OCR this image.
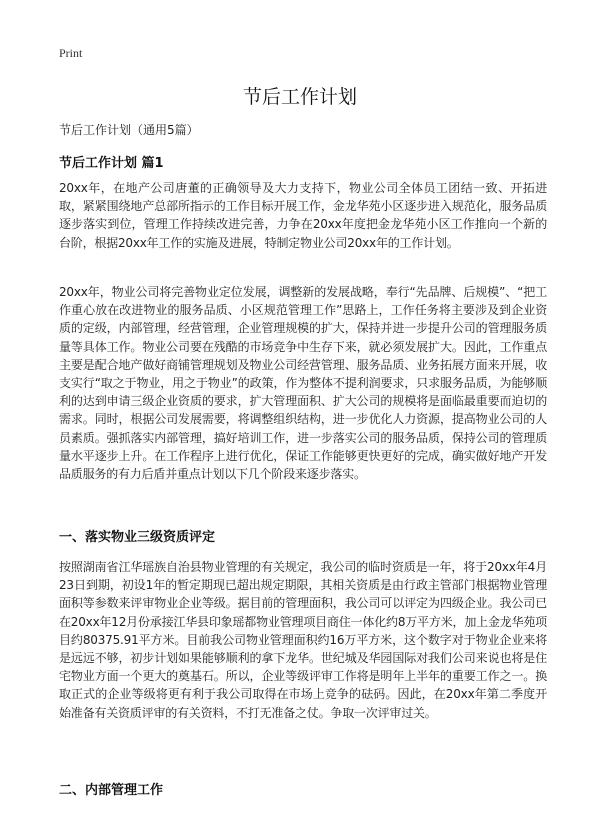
Print
节后工作计划
节后工作计划（通用5篇）
节后工作计划 篇1
20xx年，在地产公司唐董的正确领导及大力支持下，物业公司全体员工团结一致、开拓进取，紧紧围绕地产总部所指示的工作目标开展工作，金龙华苑小区逐步进入规范化，服务品质逐步落实到位，管理工作持续改进完善，力争在20xx年度把金龙华苑小区工作推向一个新的台阶，根据20xx年工作的实施及进展，特制定物业公司20xx年的工作计划。
20xx年，物业公司将完善物业定位发展，调整新的发展战略，奉行“先品牌、后规模”、“把工作重心放在改进物业的服务品质、小区规范管理工作”思路上，工作任务将主要涉及到企业资质的定级，内部管理，经营管理，企业管理规模的扩大，保持并进一步提升公司的管理服务质量等具体工作。物业公司要在残酷的市场竞争中生存下来，就必须发展扩大。因此，工作重点主要是配合地产做好商铺管理规划及物业公司经营管理、服务品质、业务拓展方面来开展，收支实行“取之于物业，用之于物业”的政策，作为整体不提利润要求，只求服务品质，为能够顺利的达到申请三级企业资质的要求，扩大管理面积、扩大公司的规模将是面临最重要而迫切的需求。同时，根据公司发展需要，将调整组织结构，进一步优化人力资源，提高物业公司的人员素质。强抓落实内部管理，搞好培训工作，进一步落实公司的服务品质，保持公司的管理质量水平逐步上升。在工作程序上进行优化，保证工作能够更快更好的完成，确实做好地产开发品质服务的有力后盾并重点计划以下几个阶段来逐步落实。
一、落实物业三级资质评定
按照湖南省江华瑶族自治县物业管理的有关规定，我公司的临时资质是一年，将于20xx年4月23日到期，初设1年的暂定期现已超出规定期限，其相关资质是由行政主管部门根据物业管理面积等参数来评审物业企业等级。据目前的管理面积，我公司可以评定为四级企业。我公司已在20xx年12月份承接江华县印象瑶都物业管理项目商住一体化约8万平方米，加上金龙华苑项目约80375.91平方米。目前我公司物业管理面积约16万平方米，这个数字对于物业企业来将是远远不够，初步计划如果能够顺利的拿下龙华。世纪城及华园国际对我们公司来说也将是住宅物业方面一个更大的奠基石。所以，企业等级评审工作将是明年上半年的重要工作之一。换取正式的企业等级将更有利于我公司取得在市场上竞争的砝码。因此，在20xx年第二季度开始准备有关资质评审的有关资料，不打无准备之仗。争取一次评审过关。
二、内部管理工作
